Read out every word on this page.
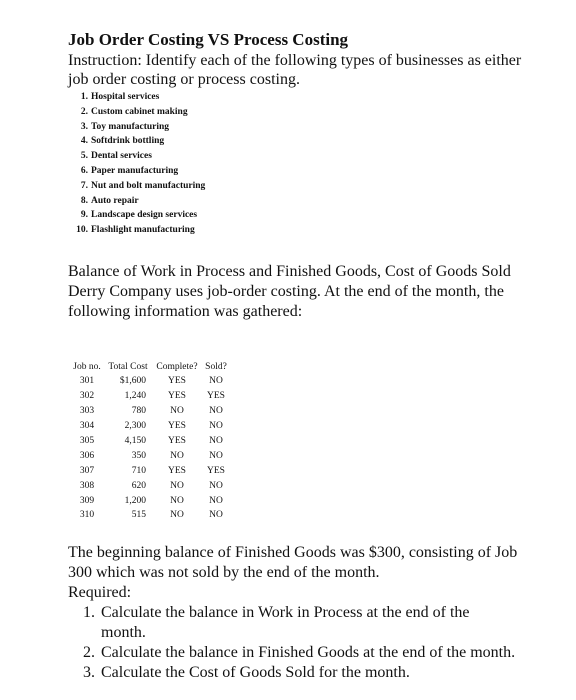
Job Order Costing VS Process Costing
Instruction: Identify each of the following types of businesses as either job order costing or process costing.
1. Hospital services
2. Custom cabinet making
3. Toy manufacturing
4. Softdrink bottling
5. Dental services
6. Paper manufacturing
7. Nut and bolt manufacturing
8. Auto repair
9. Landscape design services
10. Flashlight manufacturing

Balance of Work in Process and Finished Goods, Cost of Goods Sold

Derry Company uses job-order costing. At the end of the month, the following information was gathered:

Job no.	Total Cost	Complete?	Sold?
301	$1,600	YES	NO
302	1,240	YES	YES
303	780	NO	NO
304	2,300	YES	NO
305	4,150	YES	NO
306	350	NO	NO
307	710	YES	YES
308	620	NO	NO
309	1,200	NO	NO
310	515	NO	NO

The beginning balance of Finished Goods was $300, consisting of Job 300 which was not sold by the end of the month.

Required:

1. Calculate the balance in Work in Process at the end of the month.
2. Calculate the balance in Finished Goods at the end of the month.
3. Calculate the Cost of Goods Sold for the month.
